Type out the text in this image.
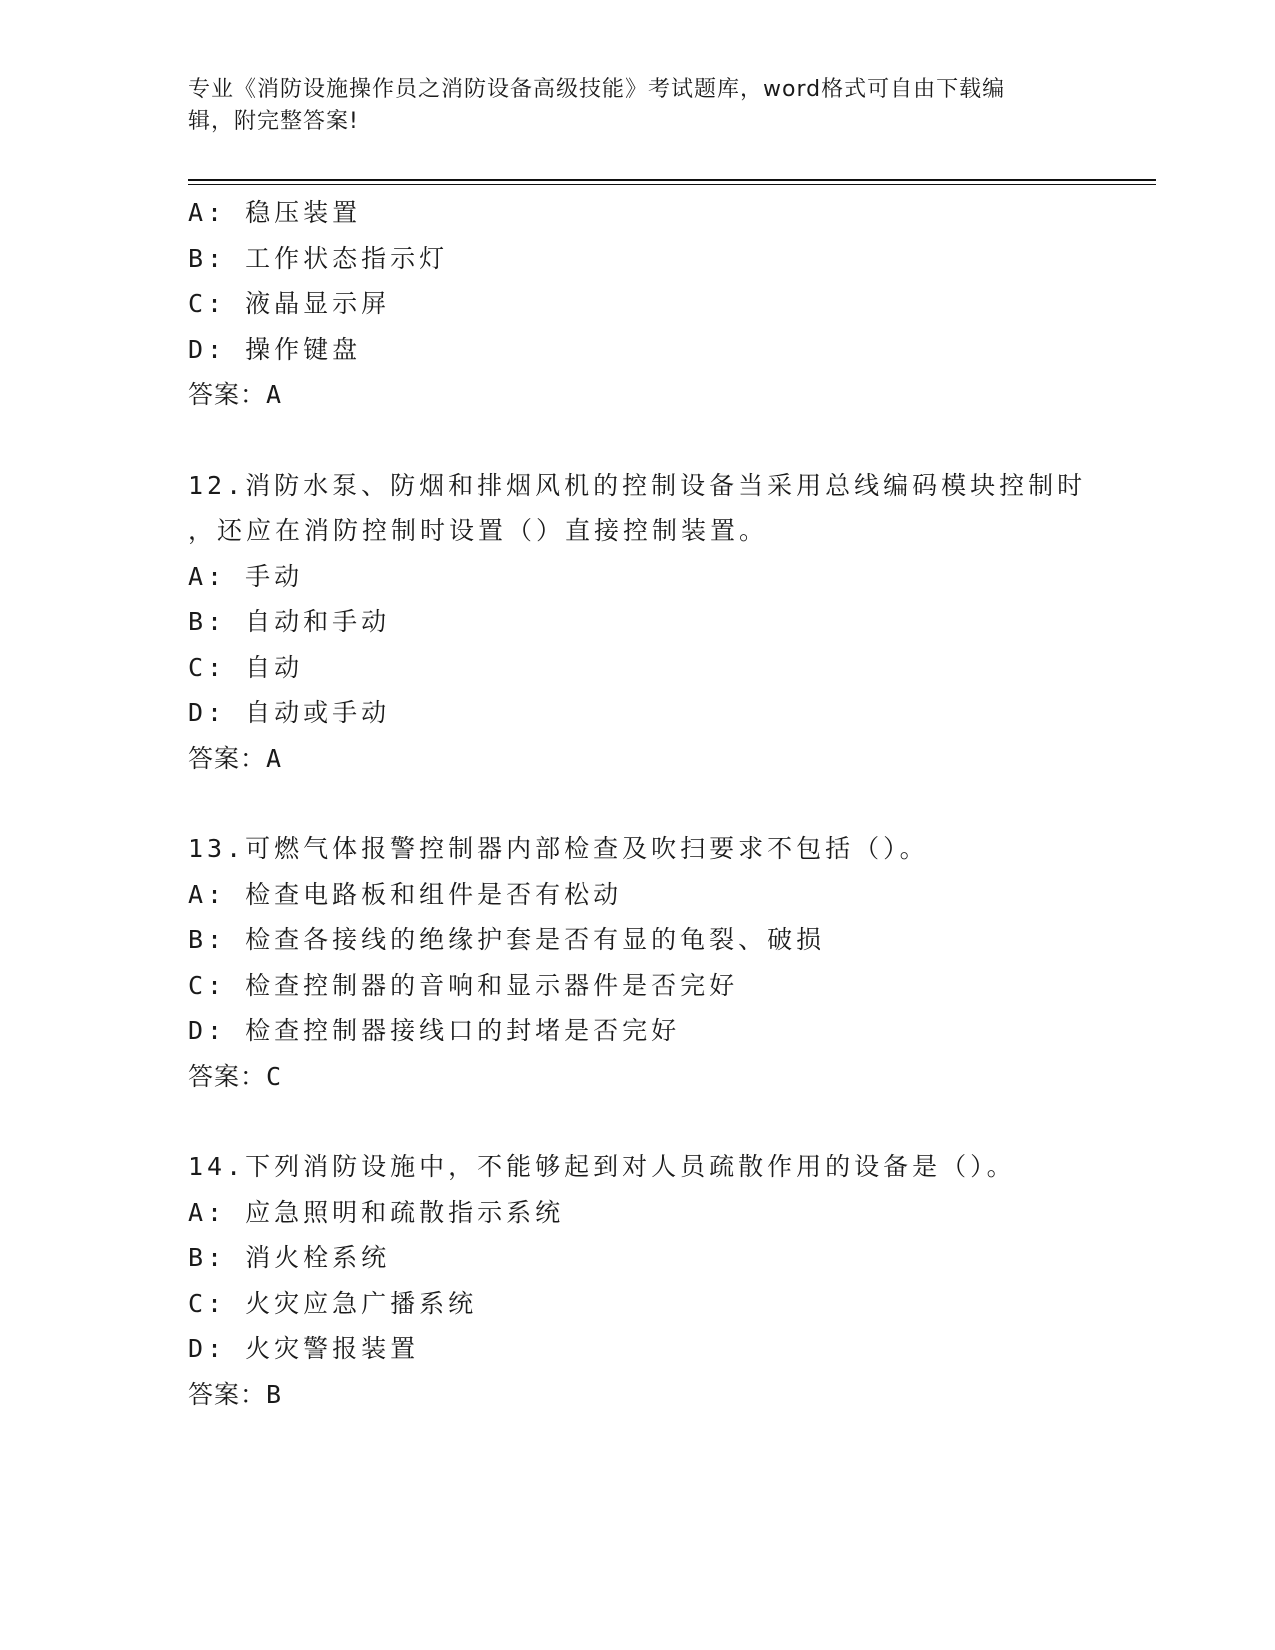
专业《消防设施操作员之消防设备高级技能》考试题库，word格式可自由下载编
辑，附完整答案!
A: 稳压装置
B: 工作状态指示灯
C: 液晶显示屏
D: 操作键盘
答案：A
12.消防水泵、防烟和排烟风机的控制设备当采用总线编码模块控制时
，还应在消防控制时设置（）直接控制装置。
A: 手动
B: 自动和手动
C: 自动
D: 自动或手动
答案：A
13.可燃气体报警控制器内部检查及吹扫要求不包括（）。
A: 检查电路板和组件是否有松动
B: 检查各接线的绝缘护套是否有显的龟裂、破损
C: 检查控制器的音响和显示器件是否完好
D: 检查控制器接线口的封堵是否完好
答案：C
14.下列消防设施中，不能够起到对人员疏散作用的设备是（）。
A: 应急照明和疏散指示系统
B: 消火栓系统
C: 火灾应急广播系统
D: 火灾警报装置
答案：B
